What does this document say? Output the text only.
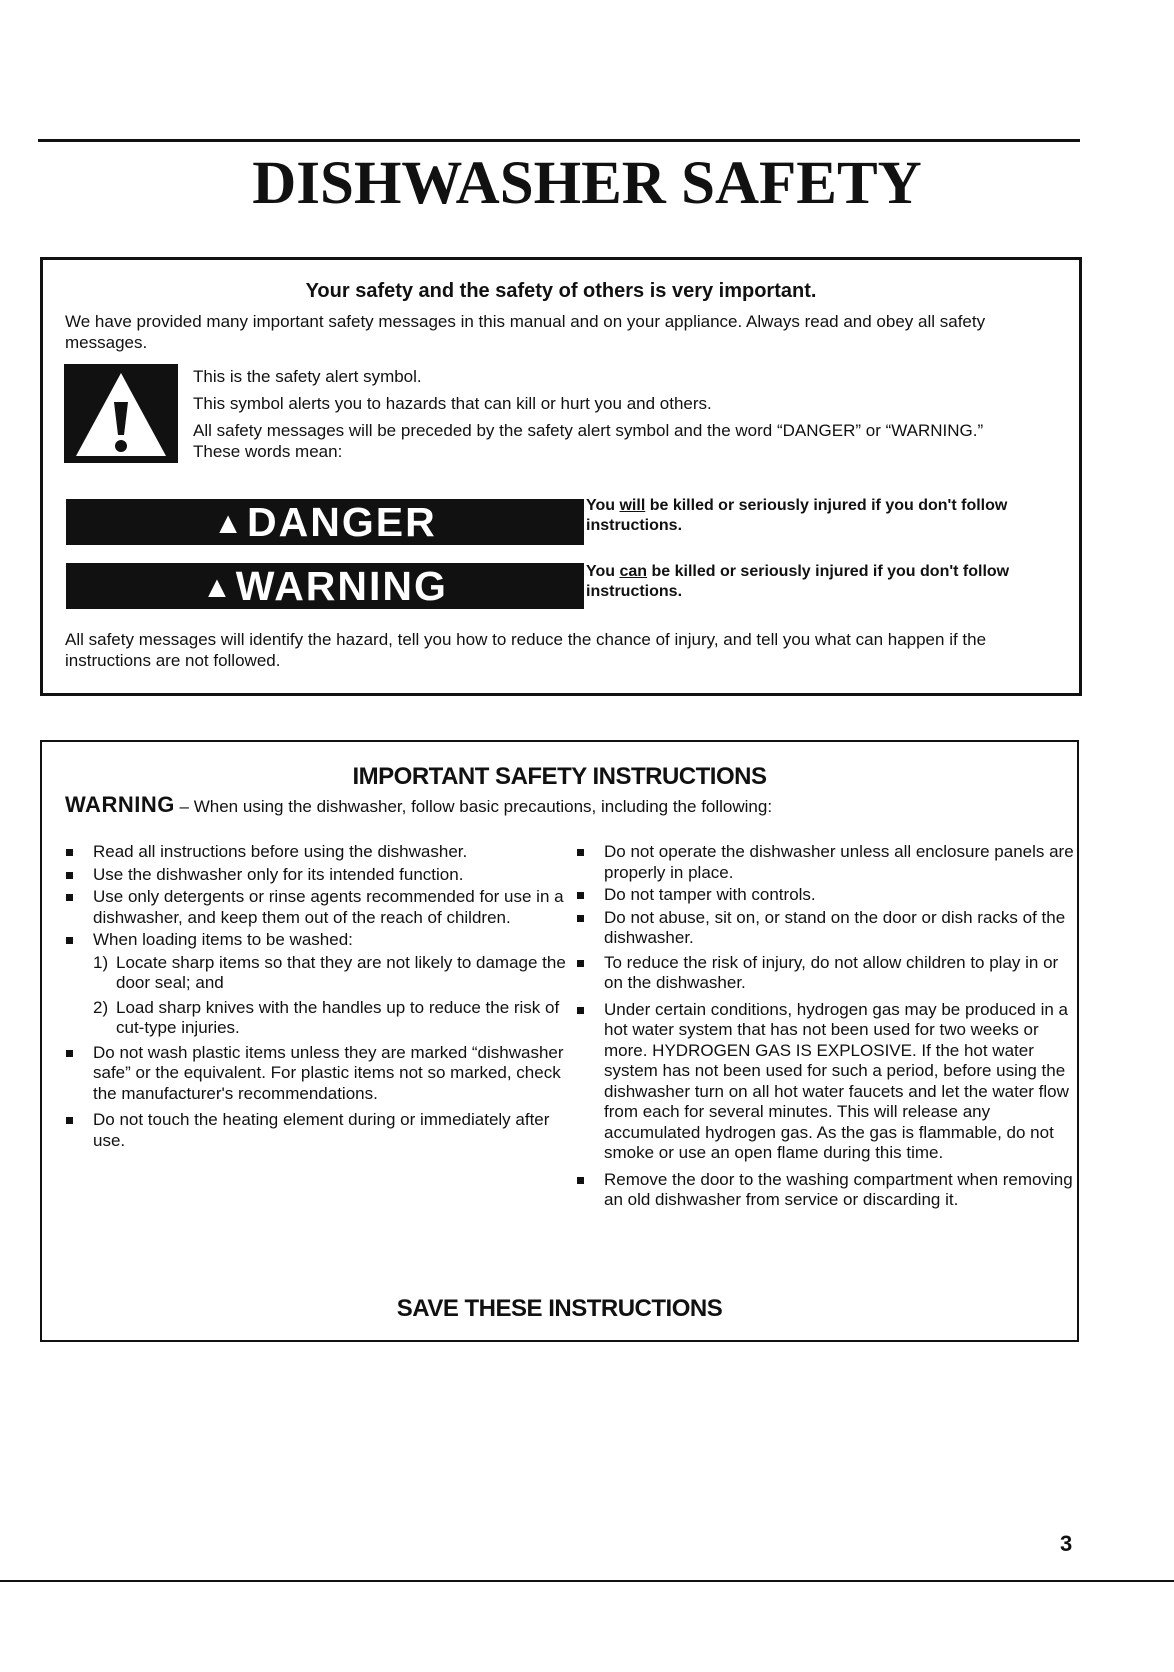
DISHWASHER SAFETY
Your safety and the safety of others is very important.

We have provided many important safety messages in this manual and on your appliance. Always read and obey all safety messages.

This is the safety alert symbol.
This symbol alerts you to hazards that can kill or hurt you and others.
All safety messages will be preceded by the safety alert symbol and the word “DANGER” or “WARNING.” These words mean:
▲DANGER	You will be killed or seriously injured if you don't follow instructions.
▲WARNING	You can be killed or seriously injured if you don't follow instructions.

All safety messages will identify the hazard, tell you how to reduce the chance of injury, and tell you what can happen if the instructions are not followed.

IMPORTANT SAFETY INSTRUCTIONS
WARNING – When using the dishwasher, follow basic precautions, including the following:
Read all instructions before using the dishwasher.
Use the dishwasher only for its intended function.
Use only detergents or rinse agents recommended for use in a dishwasher, and keep them out of the reach of children.
When loading items to be washed:
1) Locate sharp items so that they are not likely to damage the door seal; and
2) Load sharp knives with the handles up to reduce the risk of cut-type injuries.
Do not wash plastic items unless they are marked “dishwasher safe” or the equivalent. For plastic items not so marked, check the manufacturer's recommendations.
Do not touch the heating element during or immediately after use.
Do not operate the dishwasher unless all enclosure panels are properly in place.
Do not tamper with controls.
Do not abuse, sit on, or stand on the door or dish racks of the dishwasher.
To reduce the risk of injury, do not allow children to play in or on the dishwasher.
Under certain conditions, hydrogen gas may be produced in a hot water system that has not been used for two weeks or more. HYDROGEN GAS IS EXPLOSIVE. If the hot water system has not been used for such a period, before using the dishwasher turn on all hot water faucets and let the water flow from each for several minutes. This will release any accumulated hydrogen gas. As the gas is flammable, do not smoke or use an open flame during this time.
Remove the door to the washing compartment when removing an old dishwasher from service or discarding it.
SAVE THESE INSTRUCTIONS
3
